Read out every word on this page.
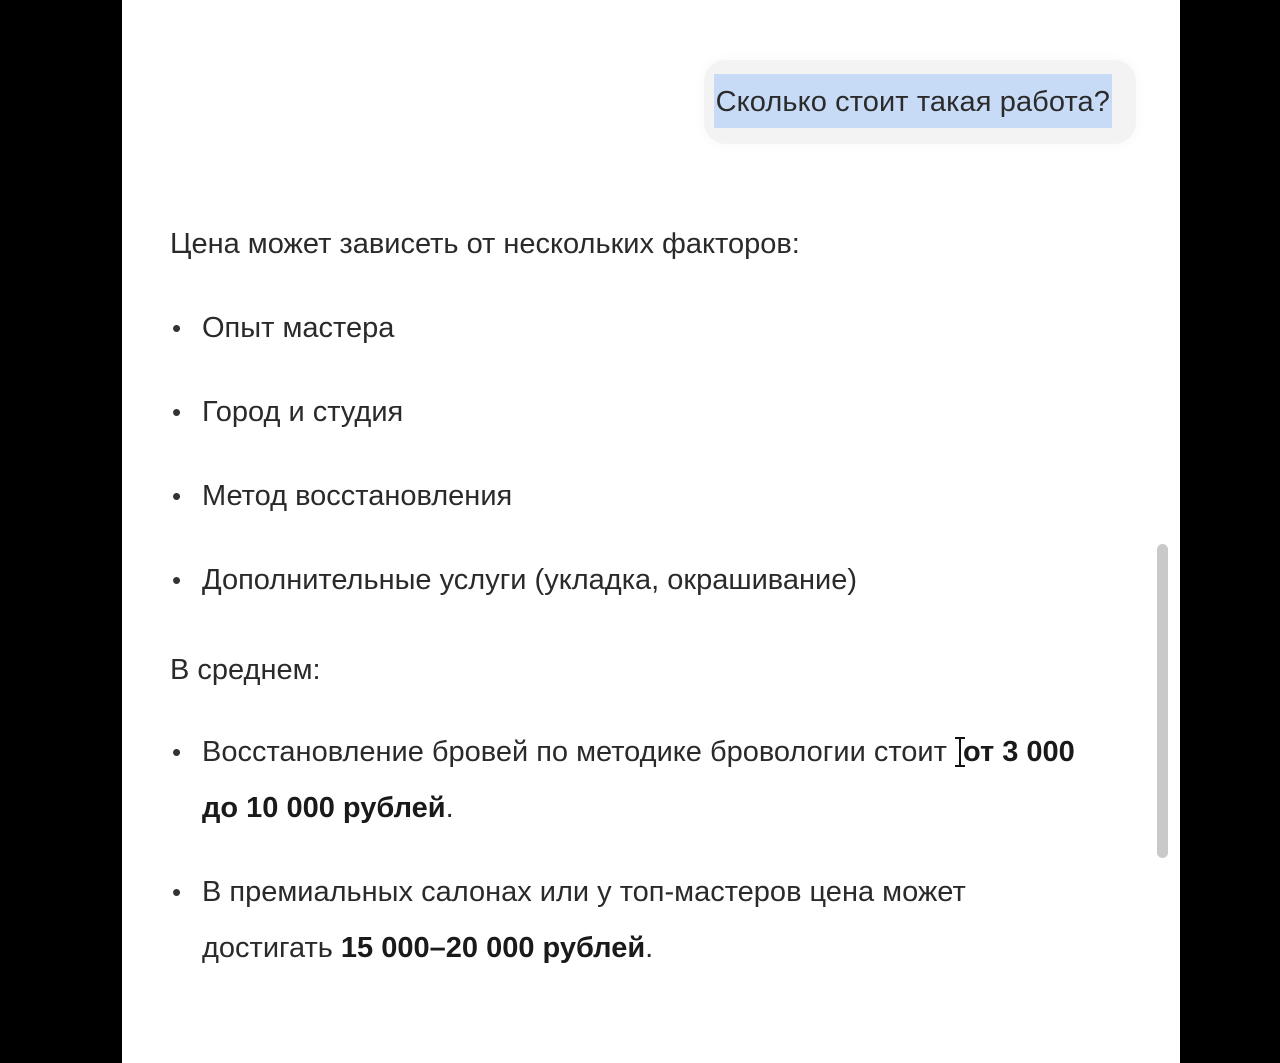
Сколько стоит такая работа?

Цена может зависеть от нескольких факторов:

• Опыт мастера
• Город и студия
• Метод восстановления
• Дополнительные услуги (укладка, окрашивание)

В среднем:

• Восстановление бровей по методике бровологии стоит от 3 000 до 10 000 рублей.
• В премиальных салонах или у топ-мастеров цена может достигать 15 000–20 000 рублей.
